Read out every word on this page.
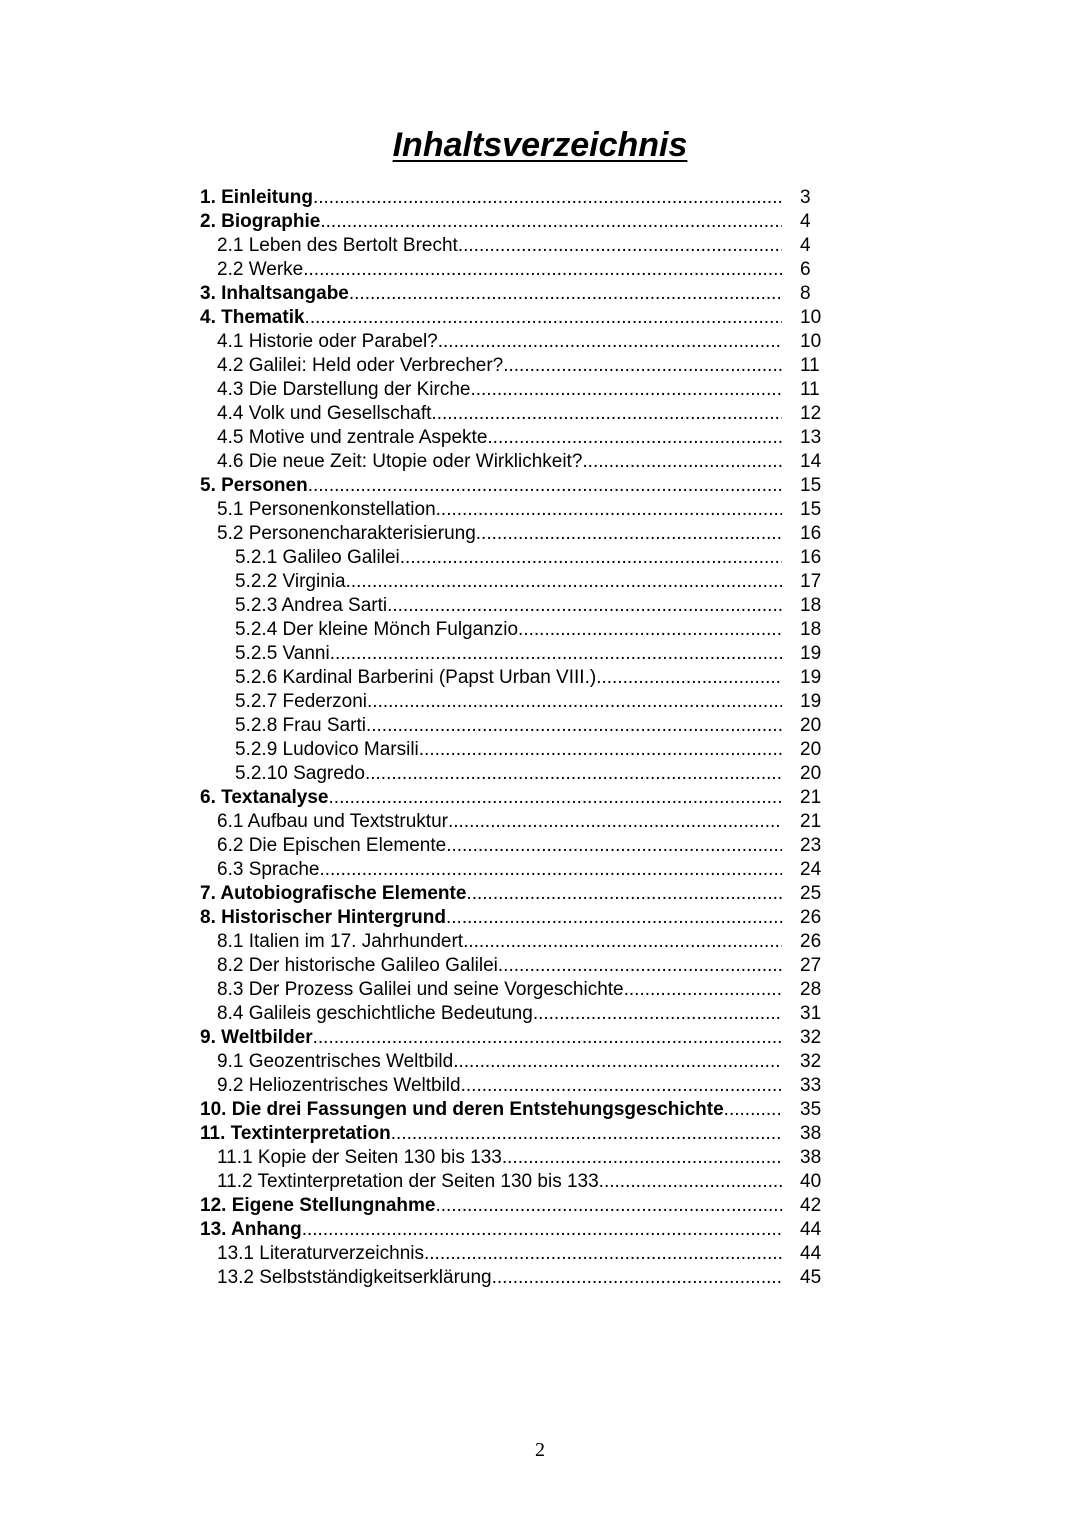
Inhaltsverzeichnis
1. Einleitung .....	3
2. Biographie .....	4
2.1 Leben des Bertolt Brecht .....	4
2.2 Werke .....	6
3. Inhaltsangabe .....	8
4. Thematik .....	10
4.1 Historie oder Parabel? .....	10
4.2 Galilei: Held oder Verbrecher? .....	11
4.3 Die Darstellung der Kirche .....	11
4.4 Volk und Gesellschaft .....	12
4.5 Motive und zentrale Aspekte .....	13
4.6 Die neue Zeit: Utopie oder Wirklichkeit? .....	14
5. Personen .....	15
5.1 Personenkonstellation .....	15
5.2 Personencharakterisierung .....	16
5.2.1 Galileo Galilei .....	16
5.2.2 Virginia .....	17
5.2.3 Andrea Sarti .....	18
5.2.4 Der kleine Mönch Fulganzio .....	18
5.2.5 Vanni .....	19
5.2.6 Kardinal Barberini (Papst Urban VIII.) .....	19
5.2.7 Federzoni .....	19
5.2.8 Frau Sarti .....	20
5.2.9 Ludovico Marsili .....	20
5.2.10 Sagredo .....	20
6. Textanalyse .....	21
6.1 Aufbau und Textstruktur .....	21
6.2 Die Epischen Elemente .....	23
6.3 Sprache .....	24
7. Autobiografische Elemente .....	25
8. Historischer Hintergrund .....	26
8.1 Italien im 17. Jahrhundert .....	26
8.2 Der historische Galileo Galilei .....	27
8.3 Der Prozess Galilei und seine Vorgeschichte .....	28
8.4 Galileis geschichtliche Bedeutung .....	31
9. Weltbilder .....	32
9.1 Geozentrisches Weltbild .....	32
9.2 Heliozentrisches Weltbild .....	33
10. Die drei Fassungen und deren Entstehungsgeschichte .....	35
11. Textinterpretation .....	38
11.1 Kopie der Seiten 130 bis 133 .....	38
11.2 Textinterpretation der Seiten 130 bis 133 .....	40
12. Eigene Stellungnahme .....	42
13. Anhang .....	44
13.1 Literaturverzeichnis .....	44
13.2 Selbstständigkeitserklärung .....	45
2
